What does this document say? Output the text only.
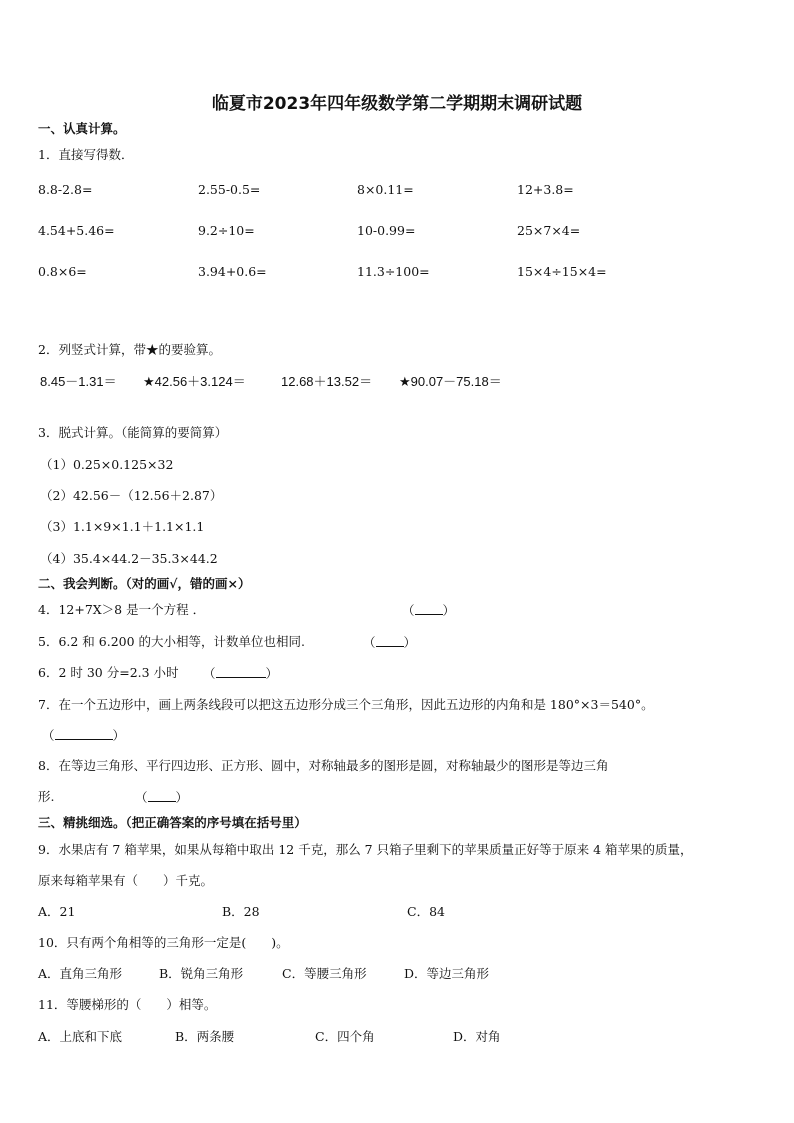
临夏市2023年四年级数学第二学期期末调研试题
一、认真计算。
1．直接写得数．
8.8-2.8=	2.55-0.5=	8×0.11=	12+3.8=
4.54+5.46=	9.2÷10=	10-0.99=	25×7×4=
0.8×6=	3.94+0.6=	11.3÷100=	15×4÷15×4=
2．列竖式计算，带★的要验算。
8.45－1.31＝ ★42.56＋3.124＝	12.68＋13.52＝ ★90.07－75.18＝
3．脱式计算。（能简算的要简算）
（1）0.25×0.125×32
（2）42.56－（12.56＋2.87）
（3）1.1×9×1.1＋1.1×1.1
（4）35.4×44.2－35.3×44.2
二、我会判断。（对的画√，错的画×）
4．12+7X＞8 是一个方程 ．	（ ）
5．6.2 和 6.200 的大小相等，计数单位也相同.	（ ）
6．2 时 30 分=2.3 小时 （	）
7．在一个五边形中，画上两条线段可以把这五边形分成三个三角形，因此五边形的内角和是 180°×3＝540°。
（	）
8．在等边三角形、平行四边形、正方形、圆中，对称轴最多的图形是圆，对称轴最少的图形是等边三角
形.	（ ）
三、精挑细选。（把正确答案的序号填在括号里）
9．水果店有 7 箱苹果，如果从每箱中取出 12 千克，那么 7 只箱子里剩下的苹果质量正好等于原来 4 箱苹果的质量，
原来每箱苹果有（　　）千克。
A．21	B．28	C．84
10．只有两个角相等的三角形一定是(　　)。
A．直角三角形	B．锐角三角形	C．等腰三角形	D．等边三角形
11．等腰梯形的（　　）相等。
A．上底和下底	B．两条腰	C．四个角	D．对角
